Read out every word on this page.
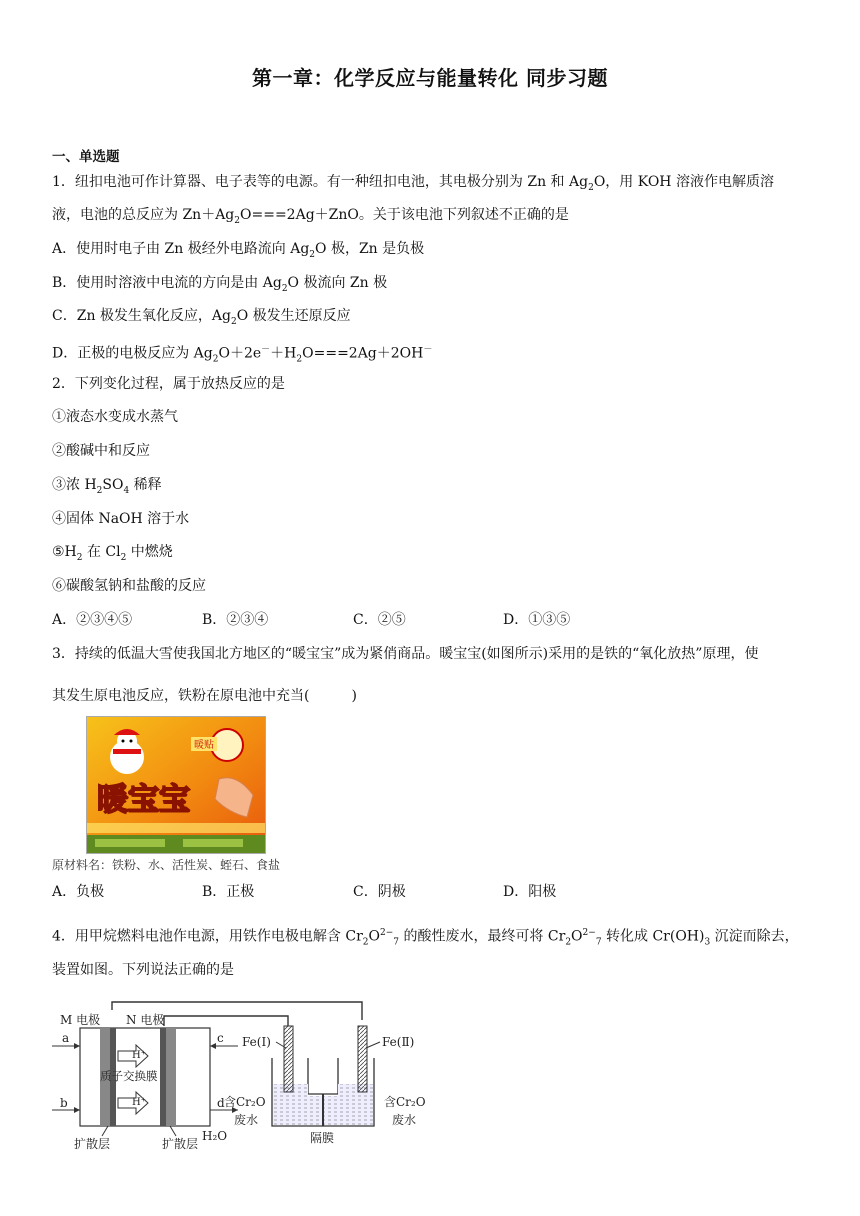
第一章：化学反应与能量转化 同步习题
一、单选题
1．纽扣电池可作计算器、电子表等的电源。有一种纽扣电池，其电极分别为 Zn 和 $Ag_2O$，用 KOH 溶液作电解质溶
液，电池的总反应为 $Zn+Ag_2O===2Ag+ZnO$。关于该电池下列叙述不正确的是
A．使用时电子由 Zn 极经外电路流向 $Ag_2O$ 极，Zn 是负极
B．使用时溶液中电流的方向是由 $Ag_2O$ 极流向 Zn 极
C．Zn 极发生氧化反应，$Ag_2O$ 极发生还原反应
D．正极的电极反应为 $Ag_2O+2e^-+H_2O===2Ag+2OH^-$
2．下列变化过程，属于放热反应的是
①液态水变成水蒸气
②酸碱中和反应
③浓 $H_2SO_4$ 稀释
④固体 NaOH 溶于水
$⑤H_2$ 在 $Cl_2$ 中燃烧
⑥碳酸氢钠和盐酸的反应
A．②③④⑤	B．②③④	C．②⑤	D．①③⑤
3．持续的低温大雪使我国北方地区的“暖宝宝”成为紧俏商品。暖宝宝(如图所示)采用的是铁的“氧化放热”原理，使
其发生原电池反应，铁粉在原电池中充当(　　　)
暖贴
暖宝宝
原材料名：铁粉、水、活性炭、蛭石、食盐
A．负极	B．正极	C．阴极	D．阳极
4．用甲烷燃料电池作电源，用铁作电极电解含 $Cr_2O^{2-}_7$ 的酸性废水，最终可将 $Cr_2O^{2-}_7$ 转化成 $Cr(OH)_3$ 沉淀而除去，
装置如图。下列说法正确的是
H⁺
H⁺
质子交换膜
a
b
c
d
M 电极 N 电极
扩散层	扩散层
H₂O
Fe(Ⅰ)	Fe(Ⅱ)
含Cr₂O
废水
含Cr₂O
废水
隔膜
